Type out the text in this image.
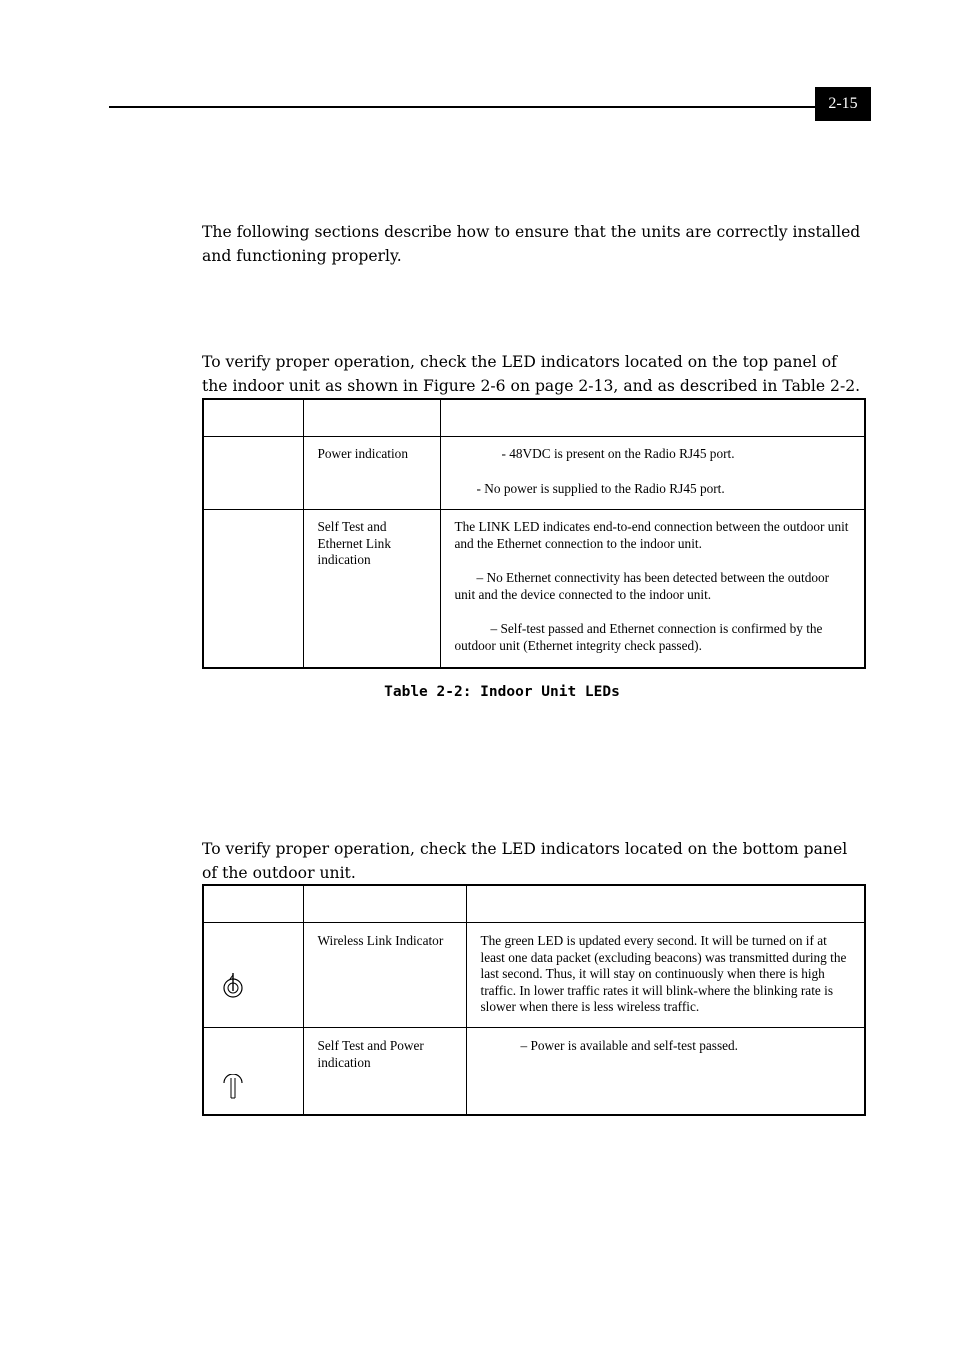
2-15

The following sections describe how to ensure that the units are correctly installed and functioning properly.

To verify proper operation, check the LED indicators located on the top panel of the indoor unit as shown in Figure 2-6 on page 2-13, and as described in Table 2-2.

	Power indication	- 48VDC is present on the Radio RJ45 port.
- No power is supplied to the Radio RJ45 port.

	Self Test and Ethernet Link indication	The LINK LED indicates end-to-end connection between the outdoor unit and the Ethernet connection to the indoor unit.
– No Ethernet connectivity has been detected between the outdoor unit and the device connected to the indoor unit.
– Self-test passed and Ethernet connection is confirmed by the outdoor unit (Ethernet integrity check passed).
Table 2-2: Indoor Unit LEDs

To verify proper operation, check the LED indicators located on the bottom panel of the outdoor unit.

Wireless Link Indicator	The green LED is updated every second. It will be turned on if at least one data packet (excluding beacons) was transmitted during the last second. Thus, it will stay on continuously when there is high traffic. In lower traffic rates it will blink-where the blinking rate is slower when there is less wireless traffic.

Self Test and Power indication	– Power is available and self-test passed.
